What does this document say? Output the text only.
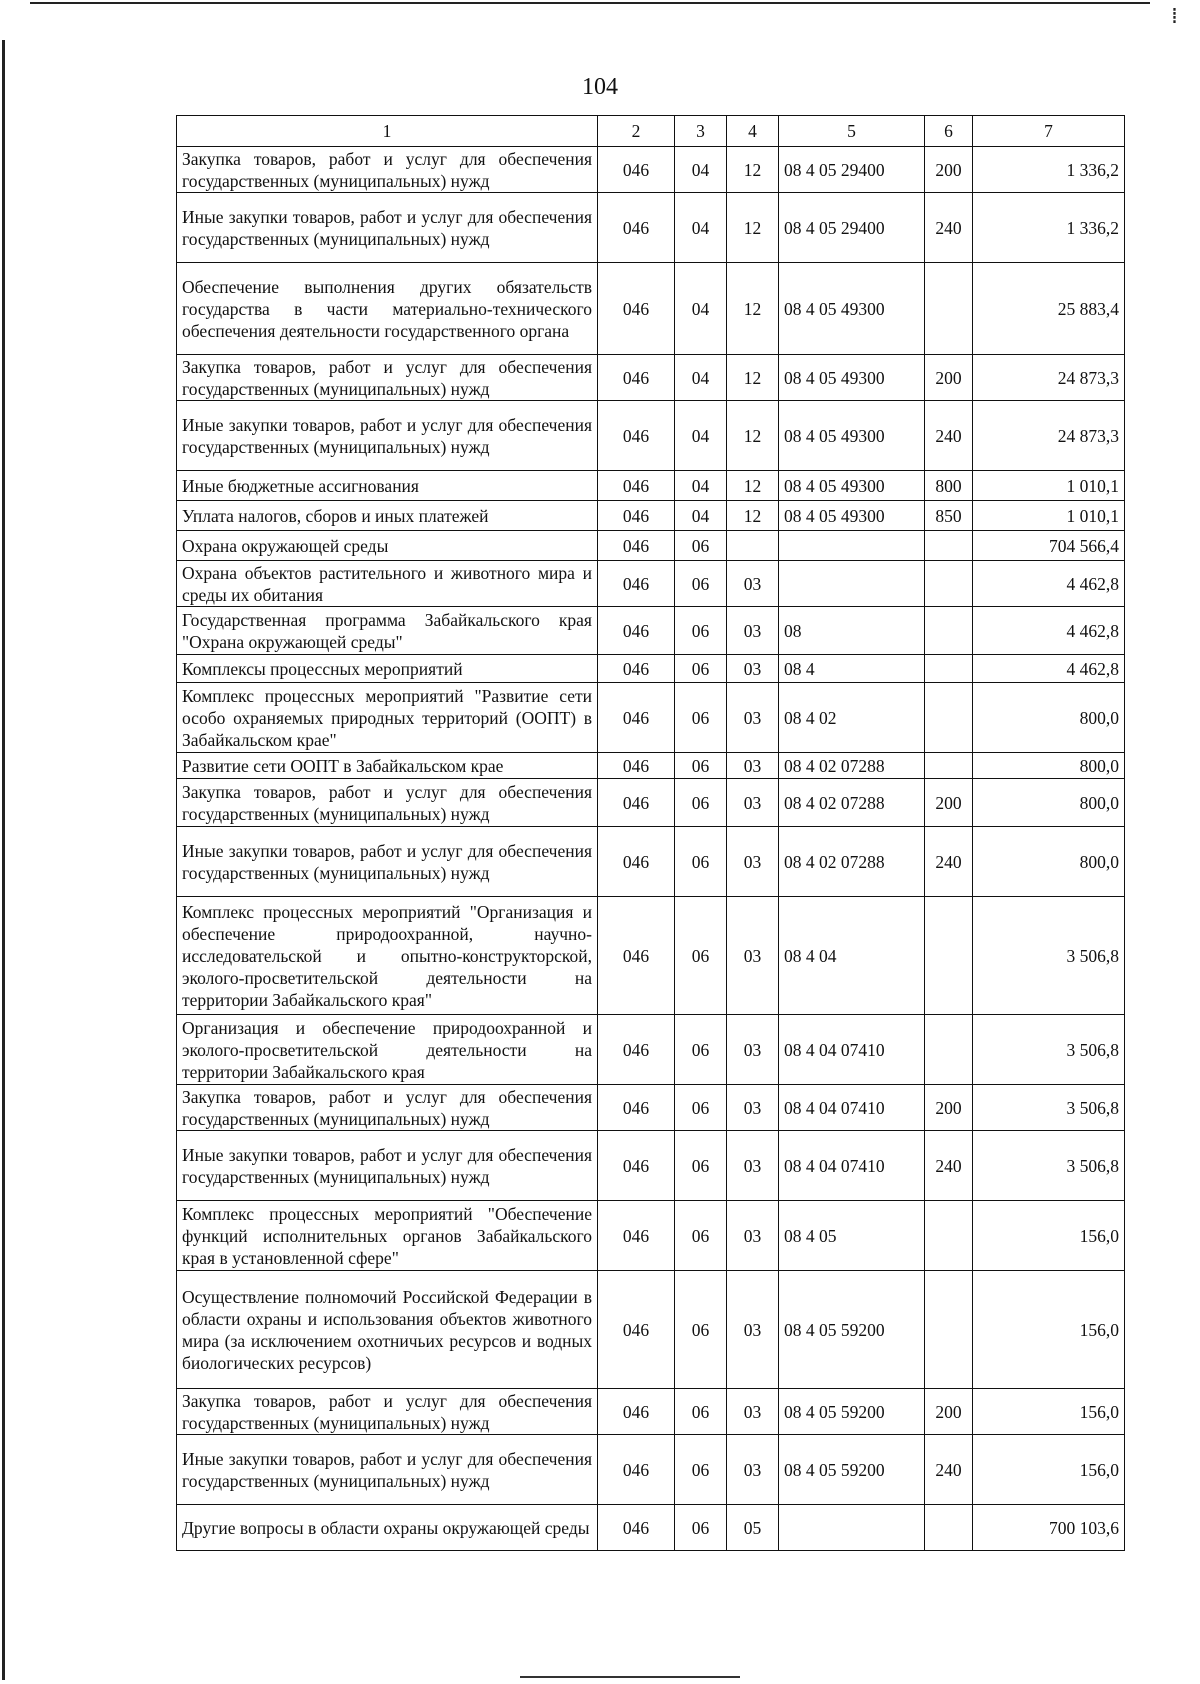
⁞
104
1	2	3	4	5	6	7
Закупка товаров, работ и услуг для обеспечения государственных (муниципальных) нужд	046	04	12	08 4 05 29400	200	1 336,2
Иные закупки товаров, работ и услуг для обеспечения государственных (муниципальных) нужд	046	04	12	08 4 05 29400	240	1 336,2
Обеспечение выполнения других обязательств государства в части материально-технического обеспечения деятельности государственного органа	046	04	12	08 4 05 49300		25 883,4
Закупка товаров, работ и услуг для обеспечения государственных (муниципальных) нужд	046	04	12	08 4 05 49300	200	24 873,3
Иные закупки товаров, работ и услуг для обеспечения государственных (муниципальных) нужд	046	04	12	08 4 05 49300	240	24 873,3
Иные бюджетные ассигнования	046	04	12	08 4 05 49300	800	1 010,1
Уплата налогов, сборов и иных платежей	046	04	12	08 4 05 49300	850	1 010,1
Охрана окружающей среды	046	06				704 566,4
Охрана объектов растительного и животного мира и среды их обитания	046	06	03			4 462,8
Государственная программа Забайкальского края "Охрана окружающей среды"	046	06	03	08		4 462,8
Комплексы процессных мероприятий	046	06	03	08 4		4 462,8
Комплекс процессных мероприятий "Развитие сети особо охраняемых природных территорий (ООПТ) в Забайкальском крае"	046	06	03	08 4 02		800,0
Развитие сети ООПТ в Забайкальском крае	046	06	03	08 4 02 07288		800,0
Закупка товаров, работ и услуг для обеспечения государственных (муниципальных) нужд	046	06	03	08 4 02 07288	200	800,0
Иные закупки товаров, работ и услуг для обеспечения государственных (муниципальных) нужд	046	06	03	08 4 02 07288	240	800,0
Комплекс процессных мероприятий "Организация и обеспечение природоохранной, научно-исследовательской и опытно-конструкторской, эколого-просветительской деятельности на территории Забайкальского края"	046	06	03	08 4 04		3 506,8
Организация и обеспечение природоохранной и эколого-просветительской деятельности на территории Забайкальского края	046	06	03	08 4 04 07410		3 506,8
Закупка товаров, работ и услуг для обеспечения государственных (муниципальных) нужд	046	06	03	08 4 04 07410	200	3 506,8
Иные закупки товаров, работ и услуг для обеспечения государственных (муниципальных) нужд	046	06	03	08 4 04 07410	240	3 506,8
Комплекс процессных мероприятий "Обеспечение функций исполнительных органов Забайкальского края в установленной сфере"	046	06	03	08 4 05		156,0
Осуществление полномочий Российской Федерации в области охраны и использования объектов животного мира (за исключением охотничьих ресурсов и водных биологических ресурсов)	046	06	03	08 4 05 59200		156,0
Закупка товаров, работ и услуг для обеспечения государственных (муниципальных) нужд	046	06	03	08 4 05 59200	200	156,0
Иные закупки товаров, работ и услуг для обеспечения государственных (муниципальных) нужд	046	06	03	08 4 05 59200	240	156,0
Другие вопросы в области охраны окружающей среды	046	06	05			700 103,6
